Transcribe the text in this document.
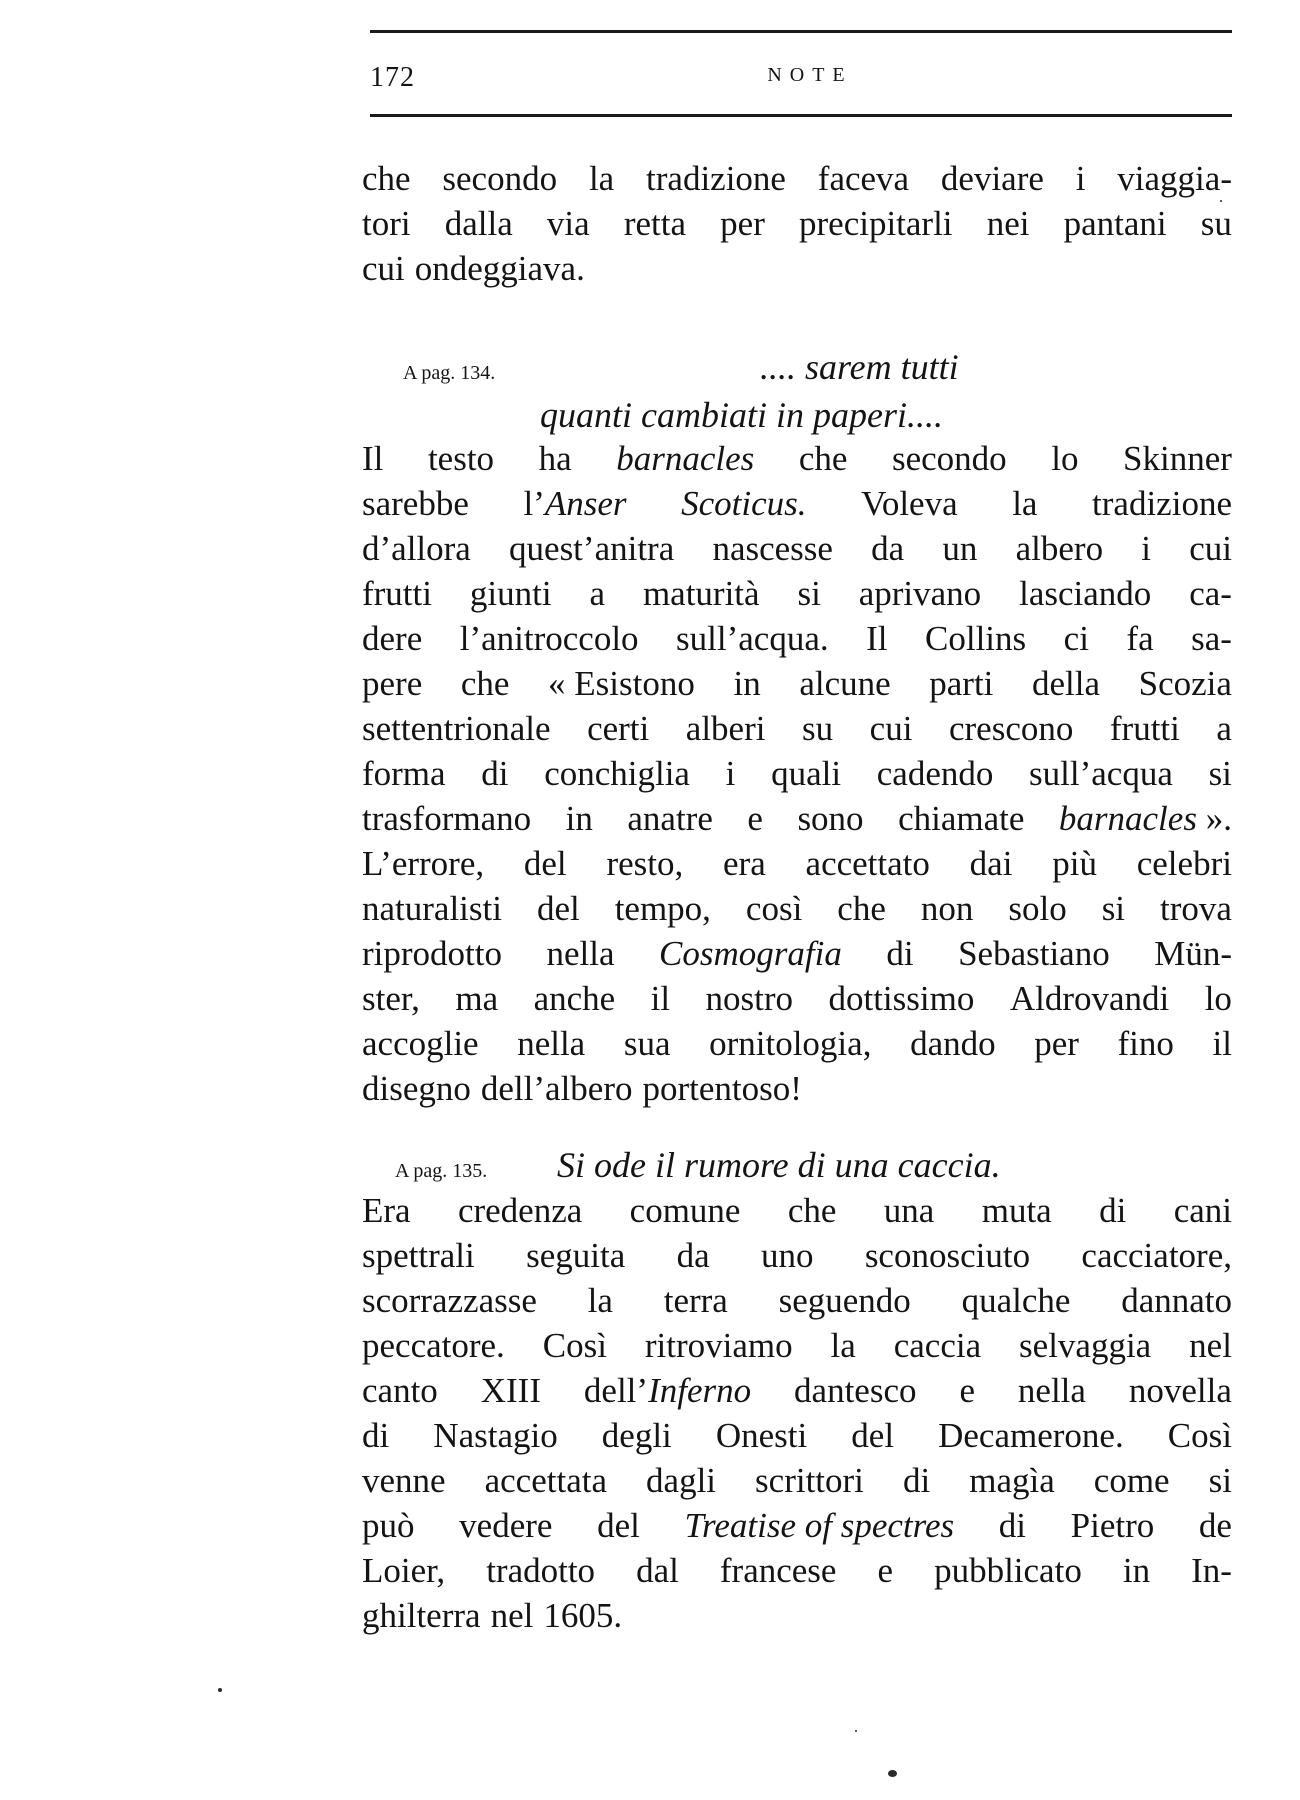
172	NOTE
che secondo la tradizione faceva deviare i viaggia-
tori dalla via retta per precipitarli nei pantani su
cui ondeggiava.
A pag. 134.	.... sarem tutti
quanti cambiati in paperi....
Il testo ha barnacles che secondo lo Skinner
sarebbe l’Anser Scoticus. Voleva la tradizione
d’allora quest’anitra nascesse da un albero i cui
frutti giunti a maturità si aprivano lasciando ca-
dere l’anitroccolo sull’acqua. Il Collins ci fa sa-
pere che « Esistono in alcune parti della Scozia
settentrionale certi alberi su cui crescono frutti a
forma di conchiglia i quali cadendo sull’acqua si
trasformano in anatre e sono chiamate barnacles ».
L’errore, del resto, era accettato dai più celebri
naturalisti del tempo, così che non solo si trova
riprodotto nella Cosmografia di Sebastiano Mün-
ster, ma anche il nostro dottissimo Aldrovandi lo
accoglie nella sua ornitologia, dando per fino il
disegno dell’albero portentoso!
A pag. 135. Si ode il rumore di una caccia.
Era credenza comune che una muta di cani
spettrali seguita da uno sconosciuto cacciatore,
scorrazzasse la terra seguendo qualche dannato
peccatore. Così ritroviamo la caccia selvaggia nel
canto XIII dell’Inferno dantesco e nella novella
di Nastagio degli Onesti del Decamerone. Così
venne accettata dagli scrittori di magìa come si
può vedere del Treatise of spectres di Pietro de
Loier, tradotto dal francese e pubblicato in In-
ghilterra nel 1605.
